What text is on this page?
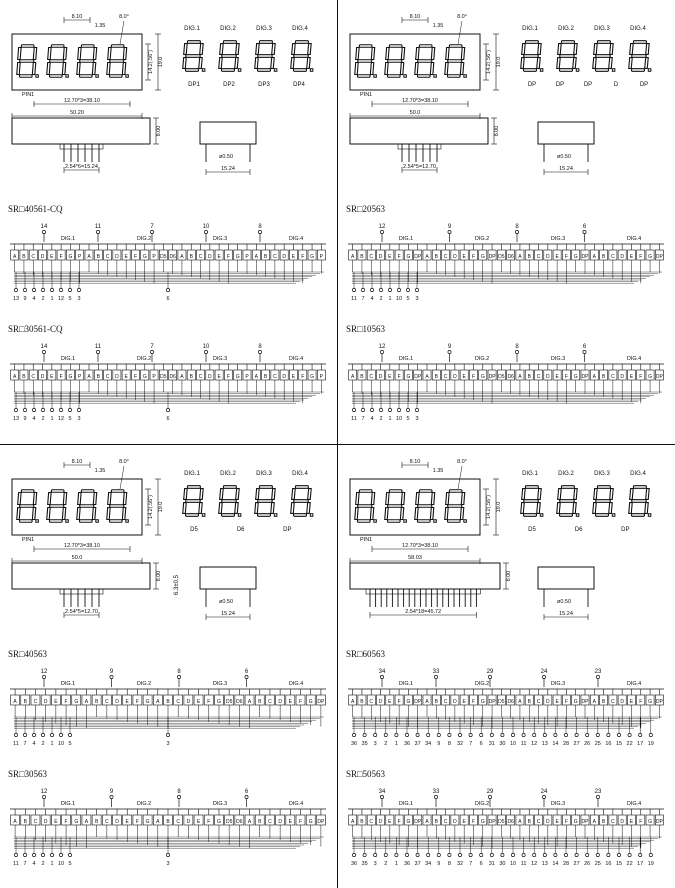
8.10
1.35
8.0°
PIN1
12.70*3=38.10
50.20
14.2(.56") 19.0
DIG.1	DIG.2	DIG.3	DIG.4
DP1	DP2	DP3	DP4
2.54*6=15.24
8.00
ø0.50
15.24
SR□40561-CQ
14	11	7	10	8
DIG.1	DIG.2	DIG.3	DIG.4
A B C D E F G P A B C D E F G P D5 D6 A B C D E F G P A B C D E F G P
13 9 4 2 1 12 5 3	6
SR□30561-CQ
14	11	7	10	8
DIG.1	DIG.2	DIG.3	DIG.4
A B C D E F G P A B C D E F G P D5 D6 A B C D E F G P A B C D E F G P
13 9 4 2 1 12 5 3	6
8.10
1.35
8.0°
PIN1
12.70*3=38.10
50.0
14.2(.56") 19.0
DIG.1	DIG.2	DIG.3	DIG.4
DP	DP	DP	D	DP
2.54*5=12.70
8.00
ø0.50
15.24
SR□20563
12	9	8	6
DIG.1	DIG.2	DIG.3	DIG.4
A B C D E F G DP A B C D E F G DP D5 D6 A B C D E F G DP A B C D E F G DP
11 7 4 2 1 10 5 3
SR□10563
12	9	8	6
DIG.1	DIG.2	DIG.3	DIG.4
A B C D E F G DP A B C D E F G DP D5 D6 A B C D E F G DP A B C D E F G DP
11 7 4 2 1 10 5 3
8.10
1.35
8.0°
PIN1
12.70*3=38.10
50.0
14.2(.56") 19.0
DIG.1	DIG.2	DIG.3	DIG.4
D5	D6	DP
2.54*5=12.70
8.00 6.3±0.5
ø0.50
15.24
SR□40563
12	9	8	6
DIG.1	DIG.2	DIG.3	DIG.4
A B C D E F G A B C D E F G A B C D E F G D5 D6 A B C D E F G DP
11 7 4 2 1 10 5	3
SR□30563
12	9	8	6
DIG.1	DIG.2	DIG.3	DIG.4
A B C D E F G A B C D E F G A B C D E F G D5 D6 A B C D E F G DP
11 7 4 2 1 10 5	3
8.10
1.35
8.0°
PIN1
12.70*3=38.10
58.03
14.2(.56") 19.0
DIG.1	DIG.2	DIG.3	DIG.4
D5	D6	DP
2.54*18=45.72
8.00
ø0.50
15.24
SR□60563
34	33	29	24	23
DIG.1	DIG.2	DIG.3	DIG.4
A B C D E F G DP A B C D E F G DP D5 D6 A B C D E F G DP A B C D E F G DP
36 35 3 2 1 36 37 34 9 8 32 7 6 31 30 10 11 12 13 14 28 27 26 25 16 15 22 17 19
SR□50563
34	33	29	24	23
DIG.1	DIG.2	DIG.3	DIG.4
A B C D E F G DP A B C D E F G DP D5 D6 A B C D E F G DP A B C D E F G DP
36 35 3 2 1 36 37 34 9 8 32 7 6 31 30 10 11 12 13 14 28 27 26 25 16 15 22 17 19
